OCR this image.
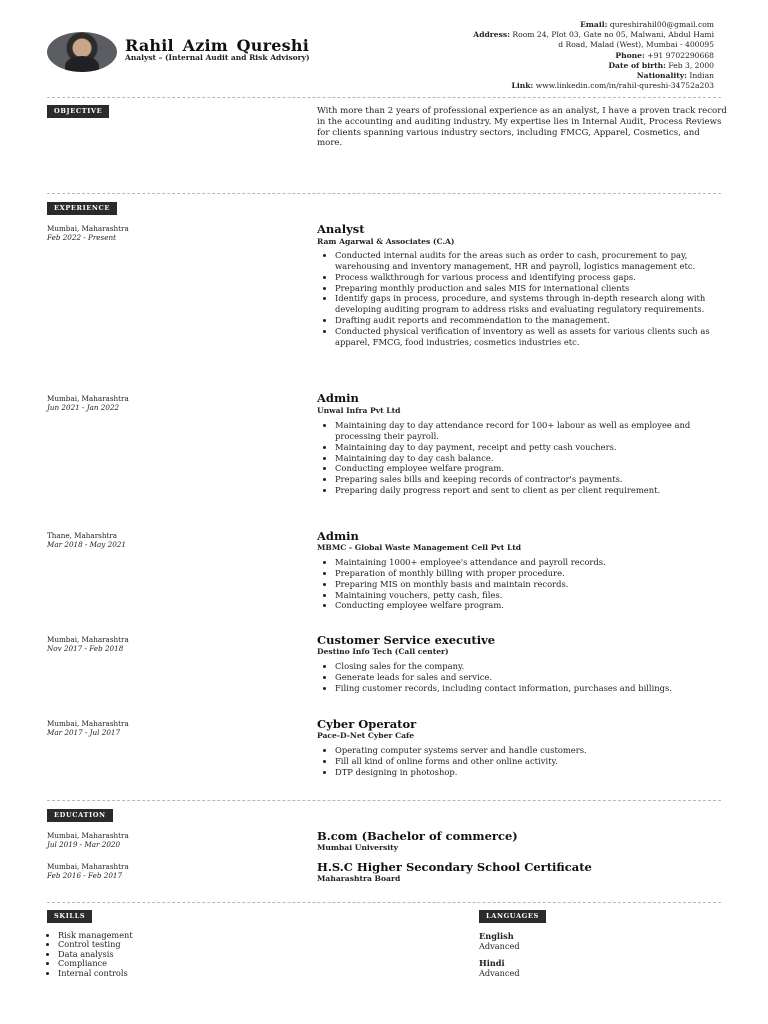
Rahil Azim Qureshi
Analyst – (Internal Audit and Risk Advisory)
Email: qureshirahil00@gmail.com
Address: Room 24, Plot 03, Gate no 05, Malwani, Abdul Hami
d Road, Malad (West), Mumbai - 400095
Phone: +91 9702290668
Date of birth: Feb 3, 2000
Nationality: Indian
Link: www.linkedin.com/in/rahil-qureshi-34752a203
OBJECTIVE	With more than 2 years of professional experience as an analyst, I have a proven track record in the accounting and auditing industry. My expertise lies in Internal Audit, Process Reviews for clients spanning various industry sectors, including FMCG, Apparel, Cosmetics, and more.
EXPERIENCE
Mumbai, Maharashtra
Feb 2022 - Present
Analyst
Ram Agarwal & Associates (C.A)
• Conducted internal audits for the areas such as order to cash, procurement to pay, warehousing and inventory management, HR and payroll, logistics management etc.
• Process walkthrough for various process and identifying process gaps.
• Preparing monthly production and sales MIS for international clients
• Identify gaps in process, procedure, and systems through in-depth research along with developing auditing program to address risks and evaluating regulatory requirements.
• Drafting audit reports and recommendation to the management.
• Conducted physical verification of inventory as well as assets for various clients such as apparel, FMCG, food industries, cosmetics industries etc.
Mumbai, Maharashtra
Jun 2021 - Jan 2022
Admin
Unwal Infra Pvt Ltd
• Maintaining day to day attendance record for 100+ labour as well as employee and processing their payroll.
• Maintaining day to day payment, receipt and petty cash vouchers.
• Maintaining day to day cash balance.
• Conducting employee welfare program.
• Preparing sales bills and keeping records of contractor's payments.
• Preparing daily progress report and sent to client as per client requirement.
Thane, Maharshtra
Mar 2018 - May 2021
Admin
MBMC - Global Waste Management Cell Pvt Ltd
• Maintaining 1000+ employee's attendance and payroll records.
• Preparation of monthly billing with proper procedure.
• Preparing MIS on monthly basis and maintain records.
• Maintaining vouchers, petty cash, files.
• Conducting employee welfare program.
Mumbai, Maharashtra
Nov 2017 - Feb 2018
Customer Service executive
Destino Info Tech (Call center)
• Closing sales for the company.
• Generate leads for sales and service.
• Filing customer records, including contact information, purchases and billings.
Mumbai, Maharashtra
Mar 2017 - Jul 2017
Cyber Operator
Pace-D-Net Cyber Cafe
• Operating computer systems server and handle customers.
• Fill all kind of online forms and other online activity.
• DTP designing in photoshop.
EDUCATION
Mumbai, Maharashtra
Jul 2019 - Mar 2020
B.com (Bachelor of commerce)
Mumbai University
Mumbai, Maharashtra
Feb 2016 - Feb 2017
H.S.C Higher Secondary School Certificate
Maharashtra Board
SKILLS
• Risk management
• Control testing
• Data analysis
• Compliance
• Internal controls
LANGUAGES
English
Advanced
Hindi
Advanced
